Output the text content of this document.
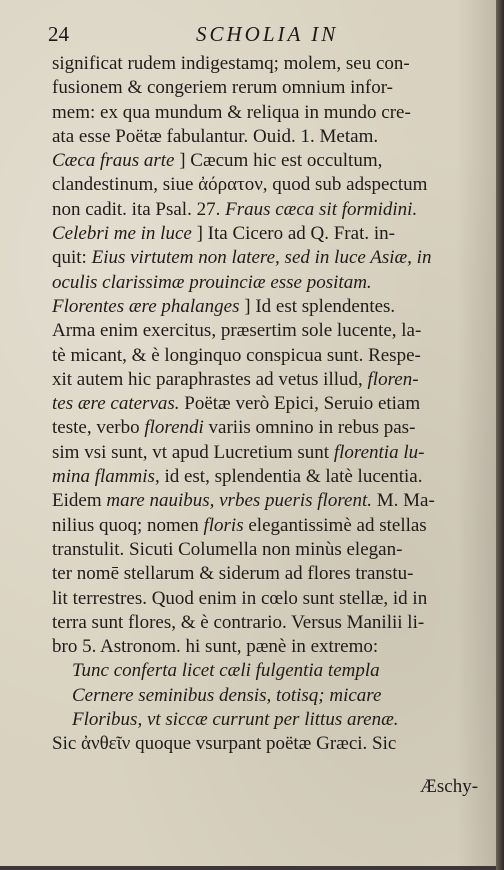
24	SCHOLIA IN
significat rudem indigestamq; molem, seu con-
fusionem & congeriem rerum omnium infor-
mem: ex qua mundum & reliqua in mundo cre-
ata esse Poëtæ fabulantur. Ouid. 1. Metam.
Cæca fraus arte ] Cæcum hic est occultum,
clandestinum, siue ἀόρατον, quod sub adspectum
non cadit. ita Psal. 27. Fraus cæca sit formidini.
Celebri me in luce ] Ita Cicero ad Q. Frat. in-
quit: Eius virtutem non latere, sed in luce Asiæ, in
oculis clarissimæ prouinciæ esse positam.
Florentes ære phalanges ] Id est splendentes.
Arma enim exercitus, præsertim sole lucente, la-
tè micant, & è longinquo conspicua sunt. Respe-
xit autem hic paraphrastes ad vetus illud, floren-
tes ære catervas. Poëtæ verò Epici, Seruio etiam
teste, verbo florendi variis omnino in rebus pas-
sim vsi sunt, vt apud Lucretium sunt florentia lu-
mina flammis, id est, splendentia & latè lucentia.
Eidem mare nauibus, vrbes pueris florent. M. Ma-
nilius quoq; nomen floris elegantissimè ad stellas
transtulit. Sicuti Columella non minùs elegan-
ter nomē stellarum & siderum ad flores transtu-
lit terrestres. Quod enim in cœlo sunt stellæ, id in
terra sunt flores, & è contrario. Versus Manilii li-
bro 5. Astronom. hi sunt, pænè in extremo:
Tunc conferta licet cæli fulgentia templa
Cernere seminibus densis, totisq; micare
Floribus, vt siccæ currunt per littus arenæ.
Sic ἀνθεῖν quoque vsurpant poëtæ Græci. Sic
Æschy-
